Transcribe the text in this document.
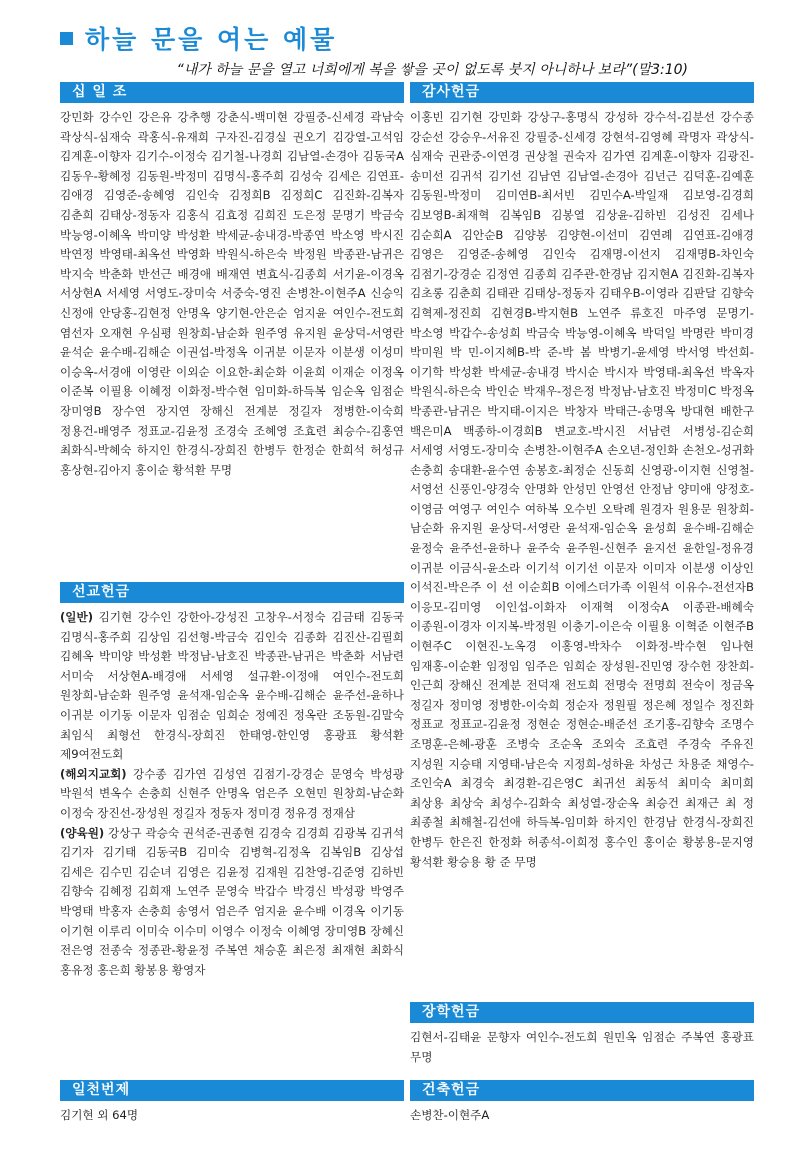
하늘 문을 여는 예물
“내가 하늘 문을 열고 너희에게 복을 쌓을 곳이 없도록 붓지 아니하나 보라”(말3:10)
십 일 조
강민화 강수인 강은유 강추행 강춘식-백미현 강필중-신세경 곽남숙 곽상식-심재숙 곽홍식-유재희 구자진-김경실 권오기 김강열-고석임 김계훈-이향자 김기수-이정숙 김기철-나경희 김남열-손경아 김동국A 김동우-황혜정 김동원-박정미 김명식-홍주희 김성숙 김세은 김연표-김애경 김영준-송혜영 김인숙 김정희B 김정희C 김진화-김복자 김춘희 김태상-정동자 김홍식 김효정 김희진 도은정 문명기 박금숙 박능영-이혜옥 박미양 박성환 박세균-송내경-박종연 박소영 박시진 박연정 박영태-최옥선 박영화 박원식-하은숙 박정원 박종관-남귀은 박지숙 박춘화 반선근 배경애 배재연 변효식-김종희 서기윤-이경옥 서상현A 서세영 서영도-장미숙 서중숙-영진 손병찬-이현주A 신승익 신정애 안당홍-김현정 안명옥 양기현-안은순 엄지윤 여인수-전도희 염선자 오재현 우심평 원창희-남순화 원주영 유지원 윤상덕-서영란 윤석순 윤수배-김해순 이권섭-박정옥 이귀분 이문자 이분생 이성미 이승옥-서경애 이영란 이외순 이요한-최순화 이윤희 이재순 이정옥 이준복 이필용 이혜정 이화정-박수현 임미화-하득복 임순옥 임점순 장미영B 장수연 장지연 장해신 전계분 정길자 정병한-이숙희 정용건-배영주 정표교-김윤정 조경숙 조혜영 조효련 최승수-김홍연 최화식-박혜숙 하지인 한경식-장희진 한병두 한정순 한희석 허성규 홍상현-김아지 홍이순 황석환 무명
선교헌금

(일반) 김기현 강수인 강한아-강성진 고창우-서정숙 김금태 김동국 김명식-홍주희 김상임 김선형-박금숙 김인숙 김종화 김진산-김필희 김혜옥 박미양 박성환 박정남-남호진 박종관-남귀은 박춘화 서남련 서미숙 서상현A-배경애 서세영 설규환-이정애 여인수-전도희 원창희-남순화 원주영 윤석재-임순옥 윤수배-김해순 윤주선-윤하나 이귀분 이기동 이문자 임점순 임희순 정예진 정옥란 조동원-김말숙 최임식 최형선 한경식-장희진 한태영-한인영 홍광표 황석환 제9여전도회

(해외지교회) 강수종 김가연 김성연 김점기-강경순 문영숙 박성광 박원석 변옥수 손충희 신현주 안명옥 엄은주 오현민 원창희-남순화 이정숙 장진선-장성원 정길자 정동자 정미경 정유경 정재삼

(양육원) 강상구 곽승숙 권석준-권종현 김경숙 김경희 김광복 김귀석 김기자 김기태 김동국B 김미숙 김병혁-김정옥 김복임B 김상섭 김세은 김수민 김순녀 김영은 김윤정 김재원 김찬영-김준영 김하빈 김향숙 김혜정 김희재 노연주 문영숙 박갑수 박경신 박성광 박영주 박영태 박홍자 손충희 송영서 엄은주 엄지윤 윤수배 이경옥 이기동 이기현 이루리 이미숙 이수미 이영수 이정숙 이혜영 장미영B 장혜신 전은영 전종숙 정종관-황윤정 주복연 채승훈 최은정 최재현 최화식 홍유정 홍은희 황봉용 황영자

일천번제
김기현 외 64명
감사헌금
이홍빈 김기현 강민화 강상구-홍명식 강성하 강수석-김분선 강수종 강순선 강승우-서유진 강필중-신세경 강현석-김영혜 곽명자 곽상식-심재숙 권관중-이연경 권상철 권숙자 김가연 김계훈-이향자 김광진-송미선 김귀석 김기선 김남연 김남열-손경아 김넌근 김덕훈-김예훈 김동원-박정미 김미연B-최서빈 김민수A-박일재 김보영-김경희 김보영B-최재혁 김복임B 김봉열 김상윤-김하빈 김성진 김세나 김순희A 김안순B 김양봉 김양현-이선미 김연례 김연표-김애경 김영은 김영준-송혜영 김인숙 김재명-이선지 김재명B-차인숙 김점기-강경순 김정연 김종희 김주관-한경남 김지현A 김진화-김복자 김초롱 김춘희 김태관 김태상-정동자 김태우B-이영라 김판달 김향숙 김혁제-정진희 김현경B-박지현B 노연주 류호진 마주영 문명기-박소영 박갑수-송성희 박금숙 박능영-이혜옥 박덕일 박명란 박미경 박미원 박 민-이지혜B-박 준-박 봄 박병기-윤세영 박서영 박선희-이기학 박성환 박세균-송내경 박시순 박시자 박영태-최옥선 박옥자 박원식-하은숙 박인순 박재우-정은정 박정남-남호진 박정미C 박정옥 박종관-남귀은 박지태-이지은 박창자 박태근-송명옥 방대현 배한구 백은미A 백종하-이경희B 변교호-박시진 서남련 서병성-김순희 서세영 서영도-장미숙 손병찬-이현주A 손오년-정인화 손천오-성귀화 손충희 송대환-윤수연 송봉호-최정순 신동희 신영광-이지현 신영철-서영선 신풍인-양경숙 안명화 안성민 안영선 안정남 양미애 양정호-이영금 여영구 여인수 여하복 오수빈 오탁례 원경자 원용문 원창희-남순화 유지원 윤상덕-서영란 윤석재-임순옥 윤성희 윤수배-김해순 윤정숙 윤주선-윤하나 윤주숙 윤주원-신현주 윤지선 윤한일-정유경 이귀분 이금식-윤소라 이기석 이기선 이문자 이미자 이분생 이상인 이석진-박은주 이 선 이순희B 이에스더가족 이원석 이유수-전선자B 이응모-김미영 이인섭-이화자 이재혁 이정숙A 이종관-배혜숙 이종원-이경자 이지복-박정원 이충기-이은숙 이필용 이혁준 이현주B 이현주C 이현진-노옥경 이홍영-박차수 이화정-박수현 임나현 임재홍-이순환 임정임 임주은 임희순 장성원-진민영 장수헌 장찬희-인근희 장해신 전계분 전덕재 전도희 전명숙 전명희 전숙이 정금옥 정길자 정미영 정병한-이숙희 정순자 정원필 정은혜 정일수 정진화 정표교 정표교-김윤정 정현순 정현순-배준선 조기홍-김향숙 조명수 조명훈-은혜-광훈 조병숙 조순옥 조외숙 조효련 주경숙 주유진 지성원 지승태 지영태-남은숙 지정희-성하윤 차성근 차용준 채영수-조인숙A 최경숙 최경환-김은영C 최귀선 최동석 최미숙 최미희 최상용 최상숙 최성수-김화숙 최성열-장순옥 최승건 최재근 최 정 최종철 최해철-김선애 하득복-임미화 하지인 한경남 한경식-장희진 한병두 한은진 한정화 허종석-이희정 홍수인 홍이순 황봉용-문지영 황석환 황승용 황 준 무명
장학헌금
김현서-김태윤 문향자 여인수-전도희 원민옥 임점순 주복연 홍광표 무명
건축헌금
손병찬-이현주A
